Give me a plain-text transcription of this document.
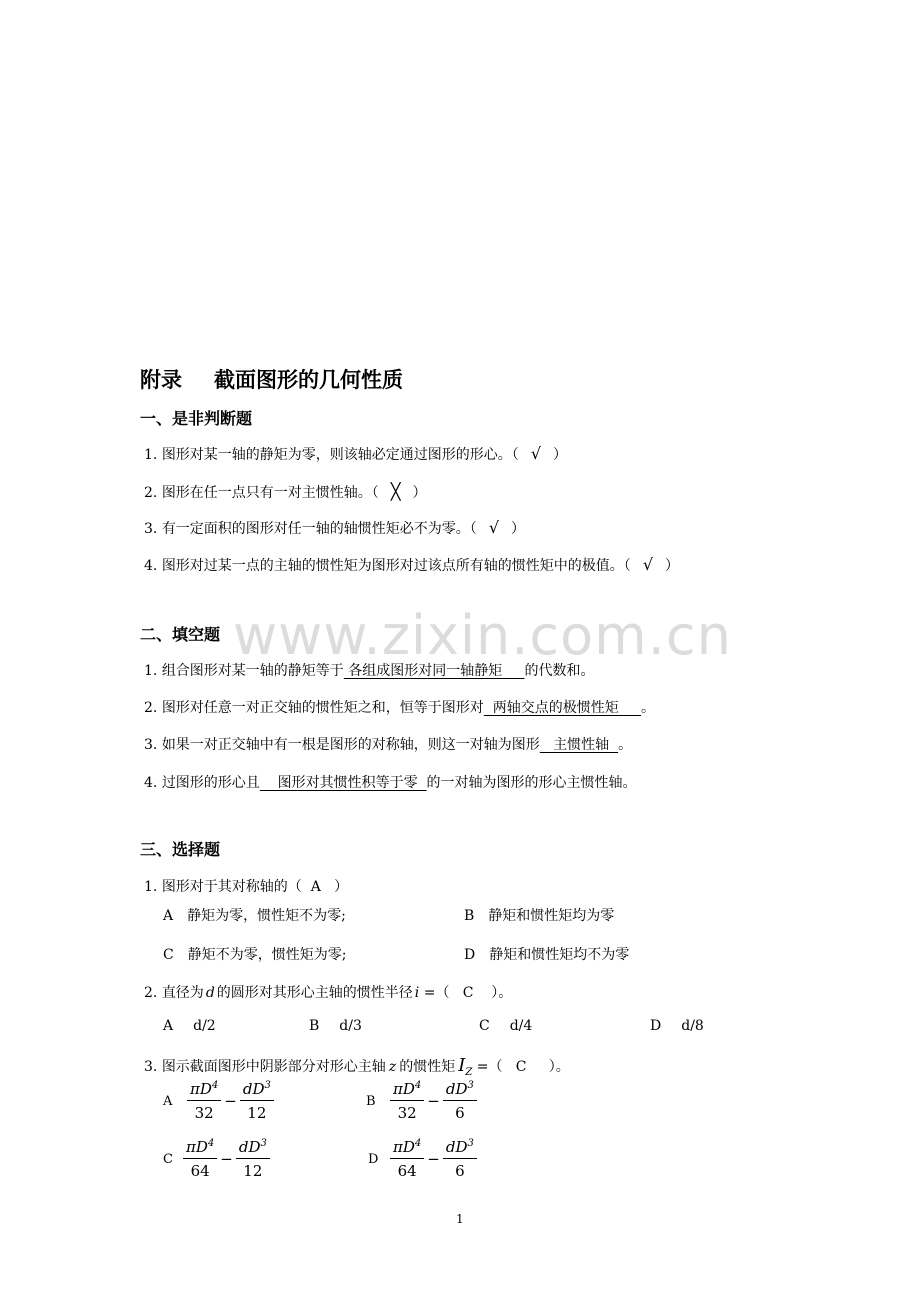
www.zixin.com.cn
附录 截面图形的几何性质
一、是非判断题
1. 图形对某一轴的静矩为零，则该轴必定通过图形的形心。（ √ ）
2. 图形在任一点只有一对主惯性轴。（ ╳ ）
3. 有一定面积的图形对任一轴的轴惯性矩必不为零。（ √ ）
4. 图形对过某一点的主轴的惯性矩为图形对过该点所有轴的惯性矩中的极值。（ √ ）
二、填空题
1. 组合图形对某一轴的静矩等于 各组成图形对同一轴静矩     的代数和。
2. 图形对任意一对正交轴的惯性矩之和，恒等于图形对  两轴交点的极惯性矩     。
3. 如果一对正交轴中有一根是图形的对称轴，则这一对轴为图形   主惯性轴  。
4. 过图形的形心且    图形对其惯性积等于零  的一对轴为图形的形心主惯性轴。
三、选择题
1. 图形对于其对称轴的（  A   ）
A 静矩为零，惯性矩不为零;	B 静矩和惯性矩均为零
C 静矩不为零，惯性矩为零;	D 静矩和惯性矩均不为零
2. 直径为 d 的圆形对其形心主轴的惯性半径 i =（   C    ）。
A d/2	B d/3	C d/4	D d/8
3. 图示截面图形中阴影部分对形心主轴 z 的惯性矩 $I_Z$ =（   C     ）。
A $\frac{\pi D^4}{32} - \frac{dD^3}{12}$	B $\frac{\pi D^4}{32} - \frac{dD^3}{6}$
C $\frac{\pi D^4}{64} - \frac{dD^3}{12}$	D $\frac{\pi D^4}{64} - \frac{dD^3}{6}$
1
